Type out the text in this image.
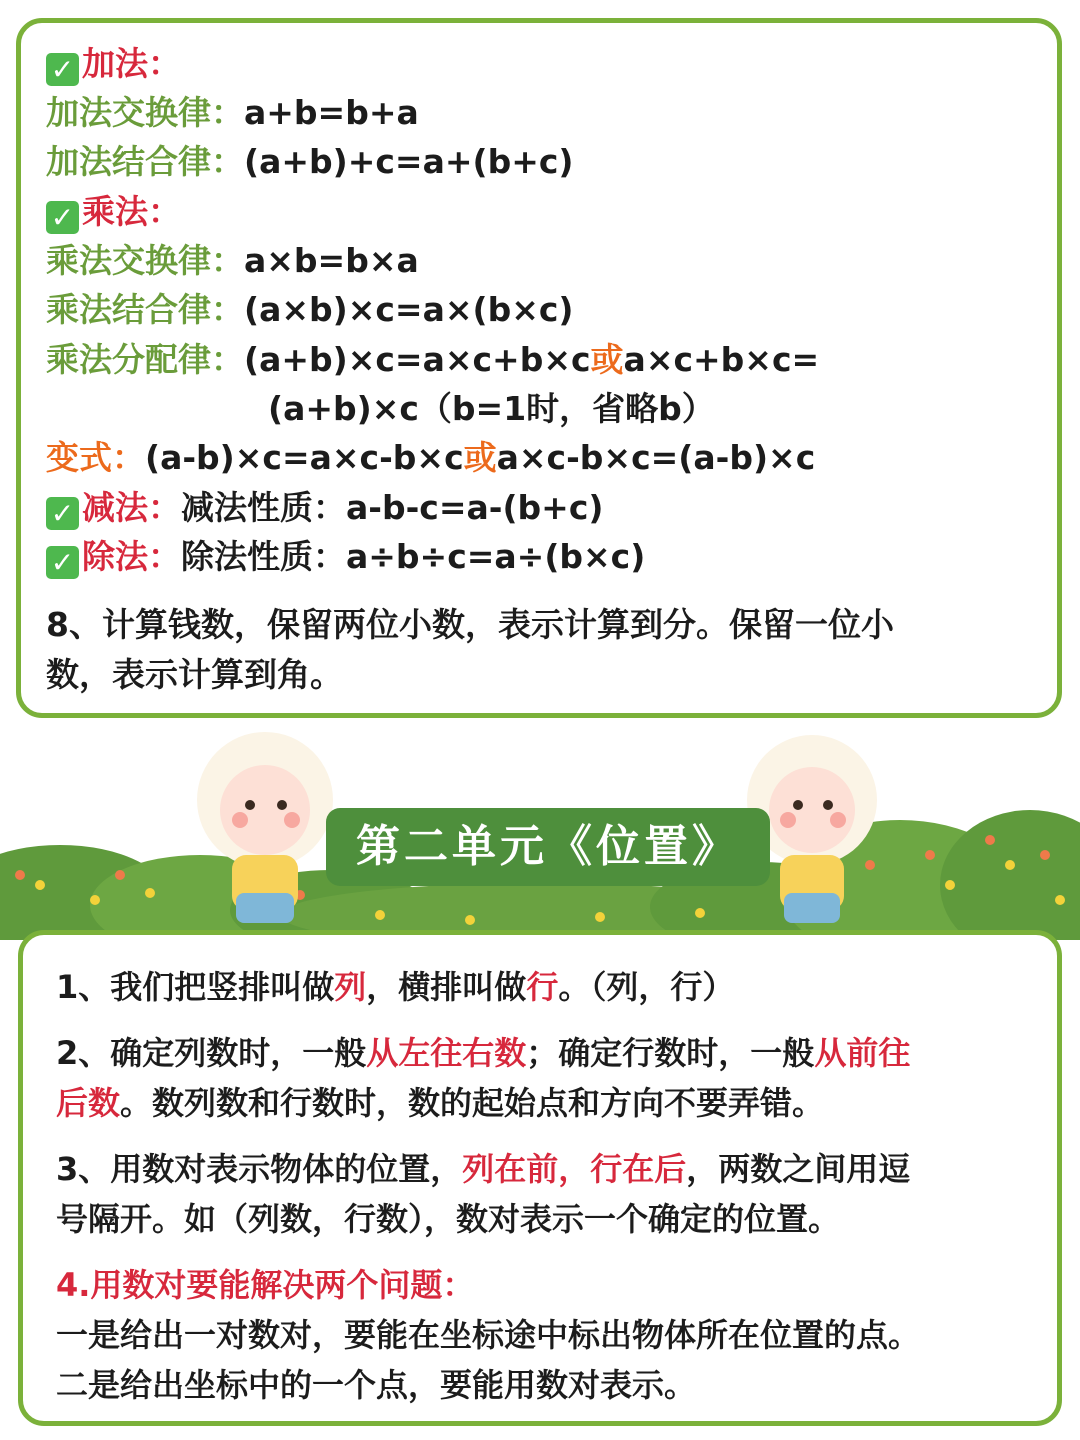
✓ 加法：
加法交换律：a+b=b+a
加法结合律：(a+b)+c=a+(b+c)
✓ 乘法：
乘法交换律：a×b=b×a
乘法结合律：(a×b)×c=a×(b×c)
乘法分配律：(a+b)×c=a×c+b×c或a×c+b×c=
(a+b)×c（b=1时，省略b）
变式：(a-b)×c=a×c-b×c或a×c-b×c=(a-b)×c
✓ 减法：减法性质：a-b-c=a-(b+c)
✓ 除法：除法性质：a÷b÷c=a÷(b×c)
8、计算钱数，保留两位小数，表示计算到分。保留一位小
数，表示计算到角。
第二单元《位置》
1、我们把竖排叫做列，横排叫做行。（列，行）
2、确定列数时，一般从左往右数；确定行数时，一般从前往
后数。数列数和行数时，数的起始点和方向不要弄错。
3、用数对表示物体的位置，列在前，行在后，两数之间用逗
号隔开。如（列数，行数），数对表示一个确定的位置。
4.用数对要能解决两个问题：
一是给出一对数对，要能在坐标途中标出物体所在位置的点。
二是给出坐标中的一个点，要能用数对表示。
